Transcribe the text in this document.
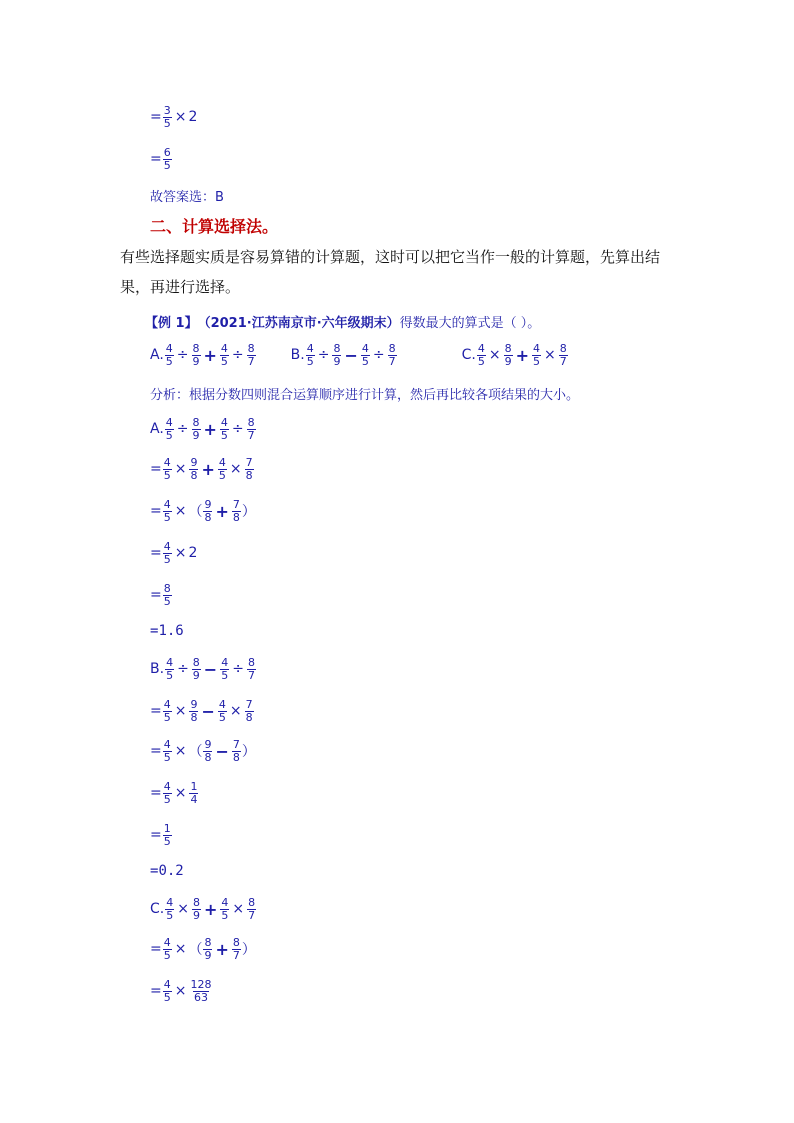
= $\frac{3}{5} \times 2$
= $\frac{6}{5}$
故答案选：B
二、计算选择法。
有些选择题实质是容易算错的计算题，这时可以把它当作一般的计算题，先算出结果，再进行选择。
【例 1】 （2021·江苏南京市·六年级期末） 得数最大的算式是（ ）。
A. $\frac{4}{5} \div \frac{8}{9} + \frac{4}{5} \div \frac{8}{7}$	B. $\frac{4}{5} \div \frac{8}{9} - \frac{4}{5} \div \frac{8}{7}$	C. $\frac{4}{5} \times \frac{8}{9} + \frac{4}{5} \times \frac{8}{7}$
分析：根据分数四则混合运算顺序进行计算，然后再比较各项结果的大小。
A. $\frac{4}{5} \div \frac{8}{9} + \frac{4}{5} \div \frac{8}{7}$
= $\frac{4}{5} \times \frac{9}{8} + \frac{4}{5} \times \frac{7}{8}$
= $\frac{4}{5}$ × （ $\frac{9}{8} + \frac{7}{8}$ ）
= $\frac{4}{5} \times 2$
= $\frac{8}{5}$
= 1.6
B. $\frac{4}{5} \div \frac{8}{9} - \frac{4}{5} \div \frac{8}{7}$
= $\frac{4}{5} \times \frac{9}{8} - \frac{4}{5} \times \frac{7}{8}$
= $\frac{4}{5}$ × （ $\frac{9}{8} - \frac{7}{8}$ ）
= $\frac{4}{5} \times \frac{1}{4}$
= $\frac{1}{5}$
= 0.2
C. $\frac{4}{5} \times \frac{8}{9} + \frac{4}{5} \times \frac{8}{7}$
= $\frac{4}{5}$ × （ $\frac{8}{9} + \frac{8}{7}$ ）
= $\frac{4}{5} \times \frac{128}{63}$
